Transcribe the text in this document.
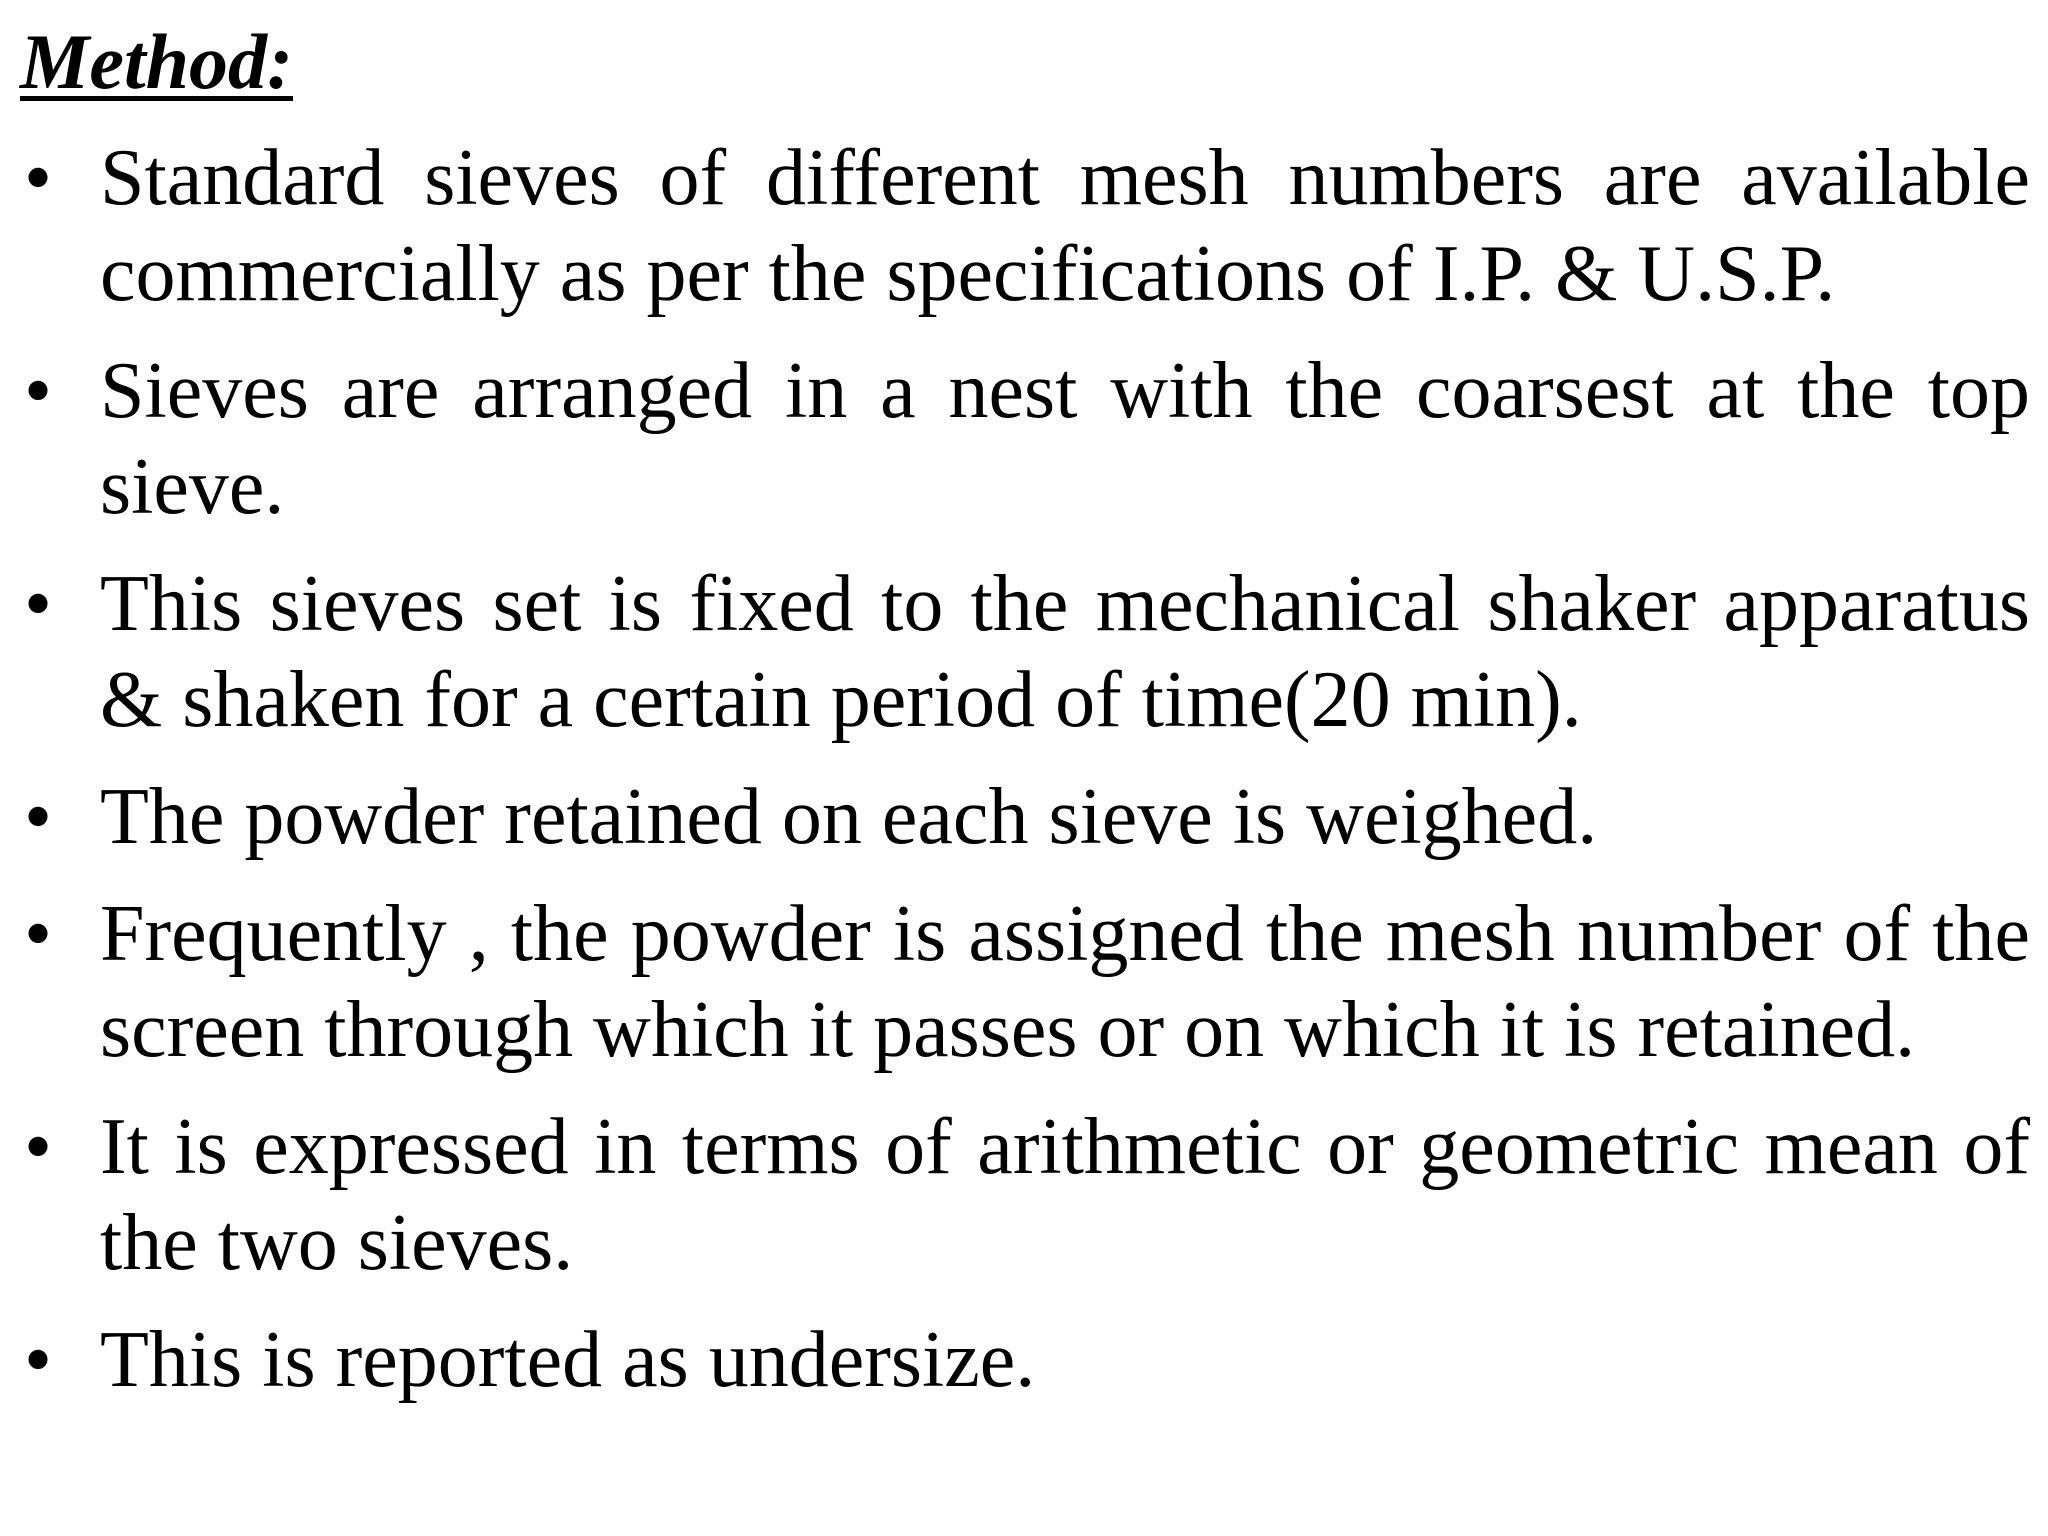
Method:
• Standard sieves of different mesh numbers are available commercially as per the specifications of I.P. & U.S.P.
• Sieves are arranged in a nest with the coarsest at the top sieve.
• This sieves set is fixed to the mechanical shaker apparatus & shaken for a certain period of time(20 min).
• The powder retained on each sieve is weighed.
• Frequently , the powder is assigned the mesh number of the screen through which it passes or on which it is retained.
• It is expressed in terms of arithmetic or geometric mean of the two sieves.
• This is reported as undersize.
